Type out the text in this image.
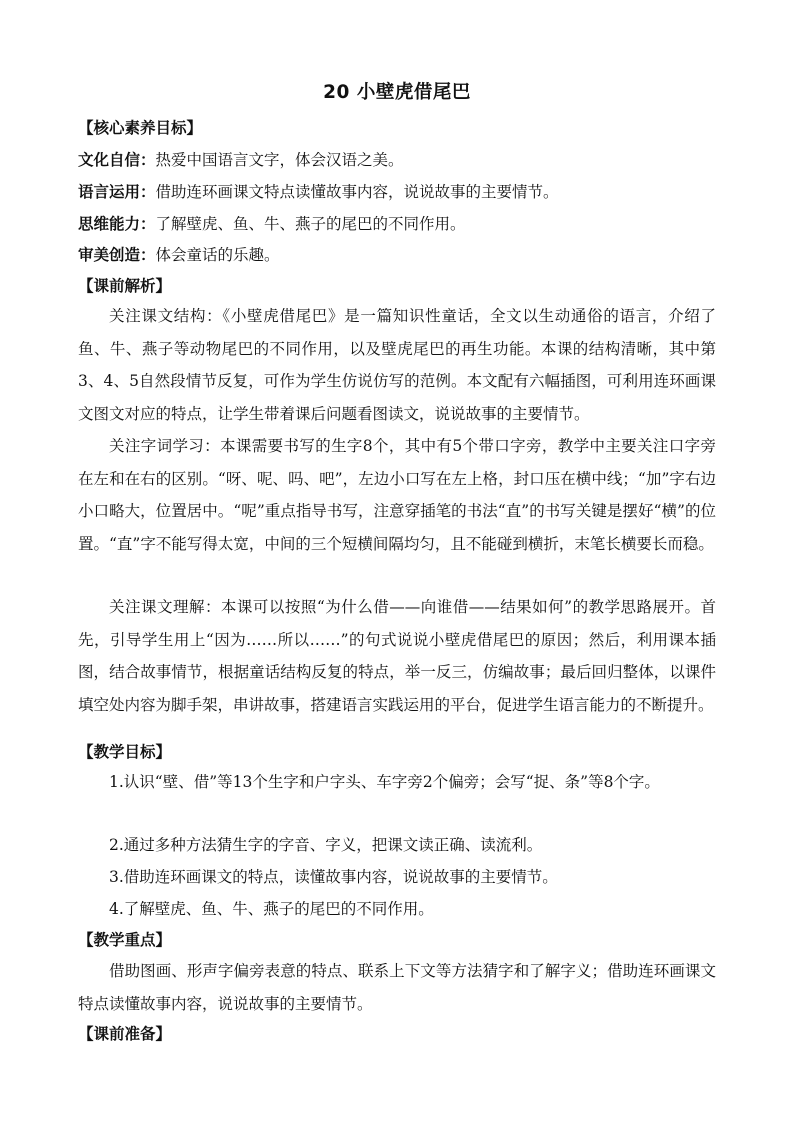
20 小壁虎借尾巴
【核心素养目标】
文化自信：热爱中国语言文字，体会汉语之美。
语言运用：借助连环画课文特点读懂故事内容，说说故事的主要情节。
思维能力：了解壁虎、鱼、牛、燕子的尾巴的不同作用。
审美创造：体会童话的乐趣。
【课前解析】
关注课文结构：《小壁虎借尾巴》是一篇知识性童话，全文以生动通俗的语言，介绍了鱼、牛、燕子等动物尾巴的不同作用，以及壁虎尾巴的再生功能。本课的结构清晰，其中第3、4、5自然段情节反复，可作为学生仿说仿写的范例。本文配有六幅插图，可利用连环画课文图文对应的特点，让学生带着课后问题看图读文，说说故事的主要情节。
关注字词学习：本课需要书写的生字8个，其中有5个带口字旁，教学中主要关注口字旁在左和在右的区别。“呀、呢、吗、吧”，左边小口写在左上格，封口压在横中线；“加”字右边小口略大，位置居中。“呢”重点指导书写，注意穿插笔的书法“直”的书写关键是摆好“横”的位置。“直”字不能写得太宽，中间的三个短横间隔均匀，且不能碰到横折，末笔长横要长而稳。
关注课文理解：本课可以按照“为什么借——向谁借——结果如何”的教学思路展开。首先，引导学生用上“因为……所以……”的句式说说小壁虎借尾巴的原因；然后，利用课本插图，结合故事情节，根据童话结构反复的特点，举一反三，仿编故事；最后回归整体，以课件填空处内容为脚手架，串讲故事，搭建语言实践运用的平台，促进学生语言能力的不断提升。
【教学目标】
1.认识“壁、借”等13个生字和户字头、车字旁2个偏旁；会写“捉、条”等8个字。
2.通过多种方法猜生字的字音、字义，把课文读正确、读流利。
3.借助连环画课文的特点，读懂故事内容，说说故事的主要情节。
4.了解壁虎、鱼、牛、燕子的尾巴的不同作用。
【教学重点】
借助图画、形声字偏旁表意的特点、联系上下文等方法猜字和了解字义；借助连环画课文特点读懂故事内容，说说故事的主要情节。
【课前准备】
